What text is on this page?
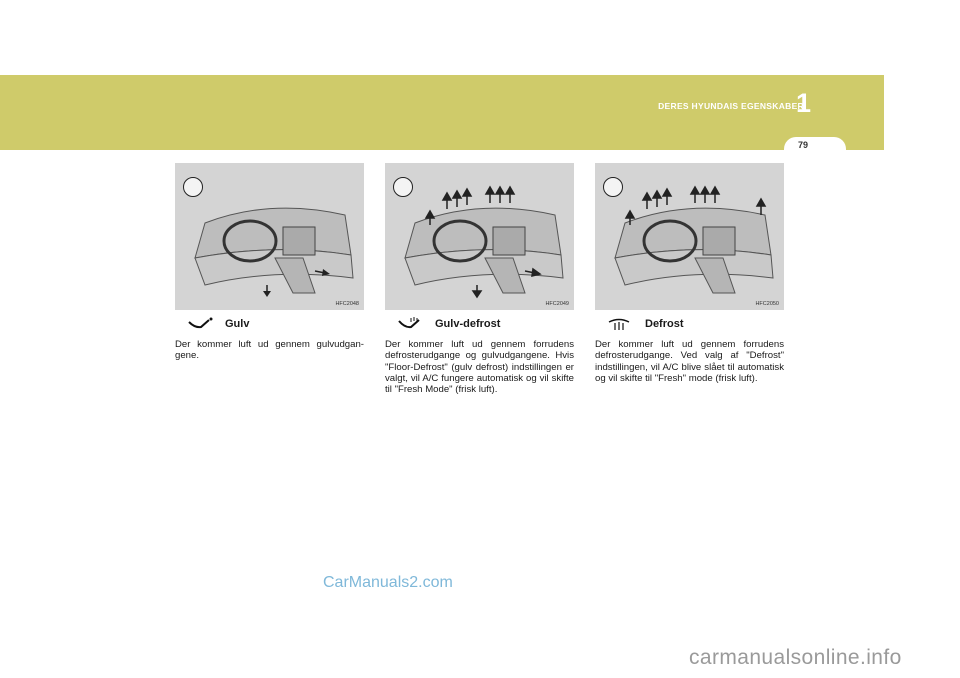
DERES HYUNDAIS EGENSKABER
1
79
HFC2048
Gulv
Der kommer luft ud gennem gulvudgan- gene.
HFC2049
Gulv-defrost
Der kommer luft ud gennem forrudens defrosterudgange og gulvudgangene. Hvis "Floor-Defrost" (gulv defrost) indstillingen er valgt, vil A/C fungere automatisk og vil skifte til "Fresh Mode" (frisk luft).
HFC2050
Defrost
Der kommer luft ud gennem forrudens defrosterudgange. Ved valg af "Defrost" indstillingen, vil A/C blive slået til automatisk og vil skifte til "Fresh" mode (frisk luft).
CarManuals2.com
carmanualsonline.info
